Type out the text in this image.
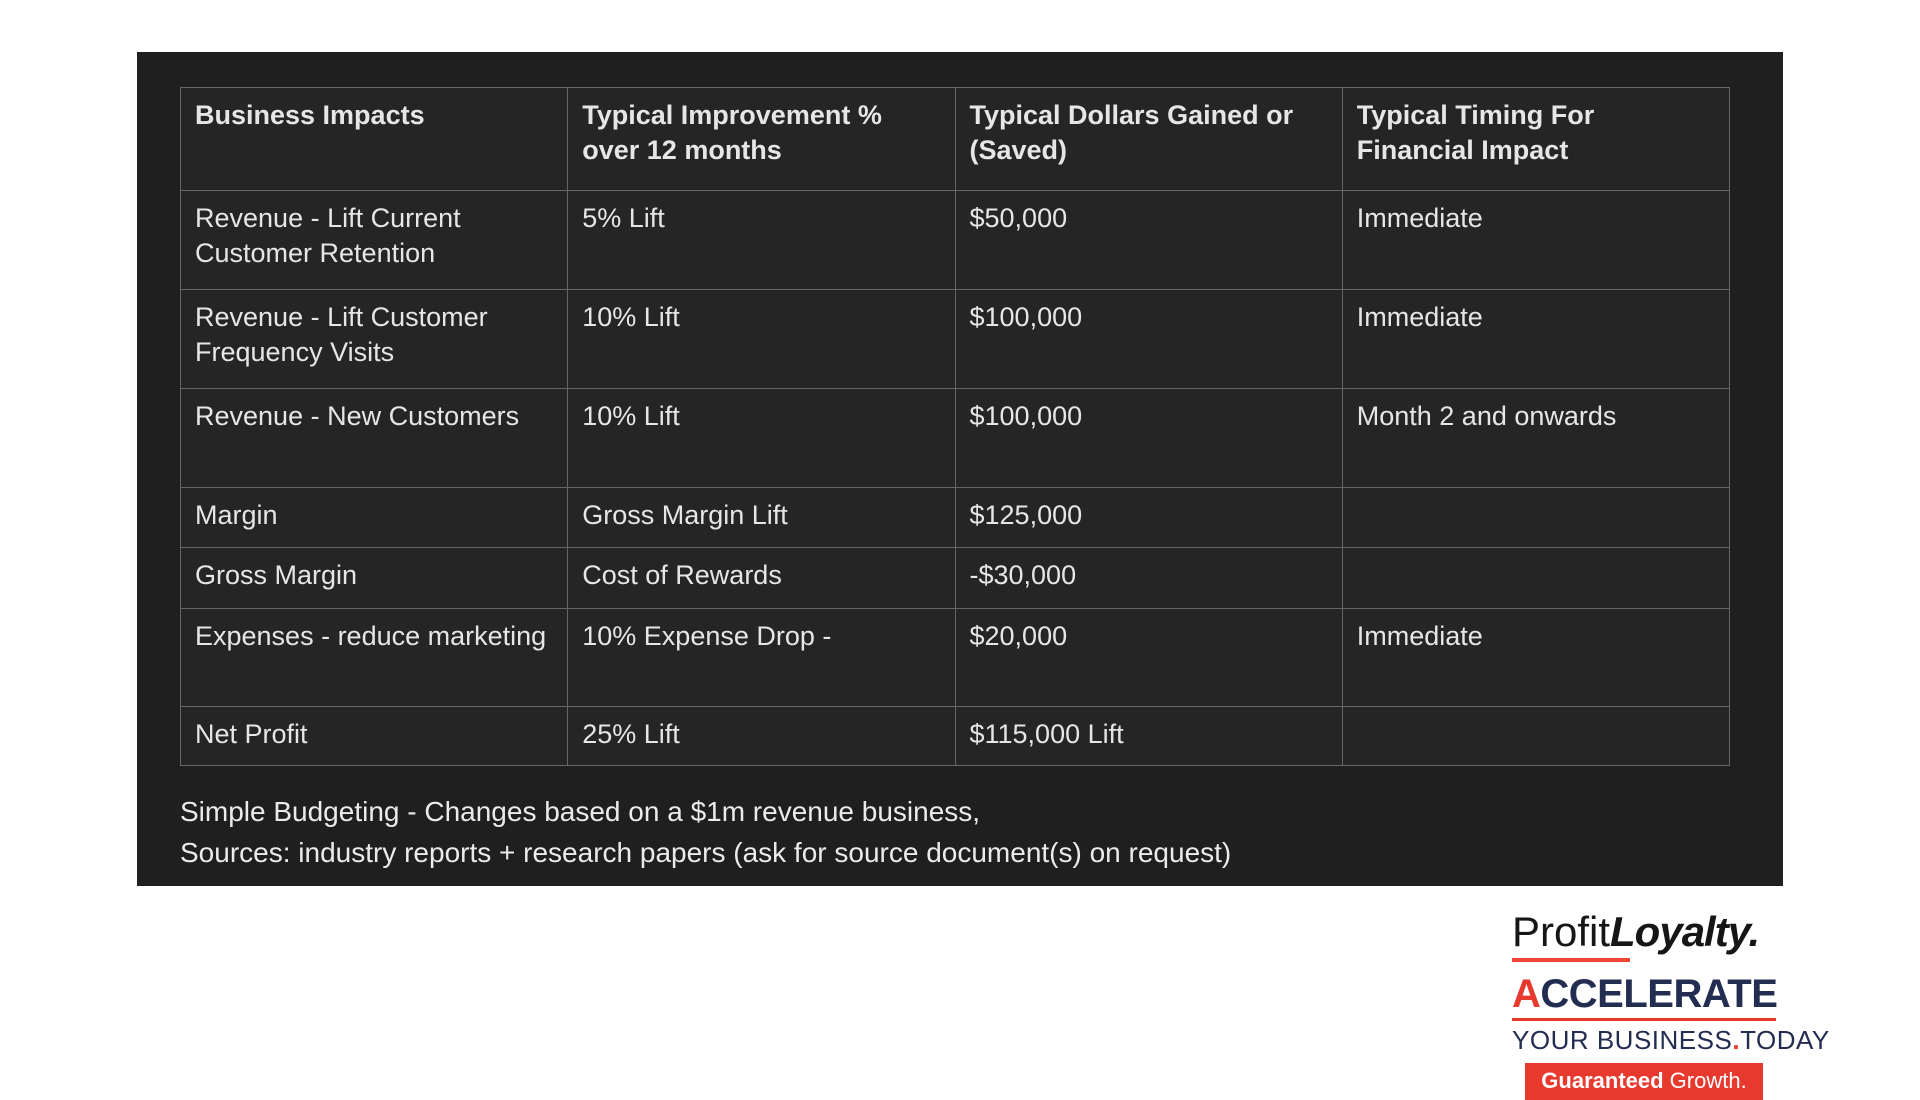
Business Impacts	Typical Improvement % over 12 months	Typical Dollars Gained or (Saved)	Typical Timing For Financial Impact
Revenue - Lift Current Customer Retention	5% Lift	$50,000	Immediate
Revenue - Lift Customer Frequency Visits	10% Lift	$100,000	Immediate
Revenue - New Customers	10% Lift	$100,000	Month 2 and onwards
Margin	Gross Margin Lift	$125,000	
Gross Margin	Cost of Rewards	-$30,000	
Expenses - reduce marketing	10% Expense Drop -	$20,000	Immediate
Net Profit	25% Lift	$115,000 Lift	
Simple Budgeting - Changes based on a $1m revenue business,
Sources: industry reports + research papers (ask for source document(s) on request)
ProfitLoyalty.
ACCELERATE
YOUR BUSINESS.TODAY
Guaranteed Growth.
